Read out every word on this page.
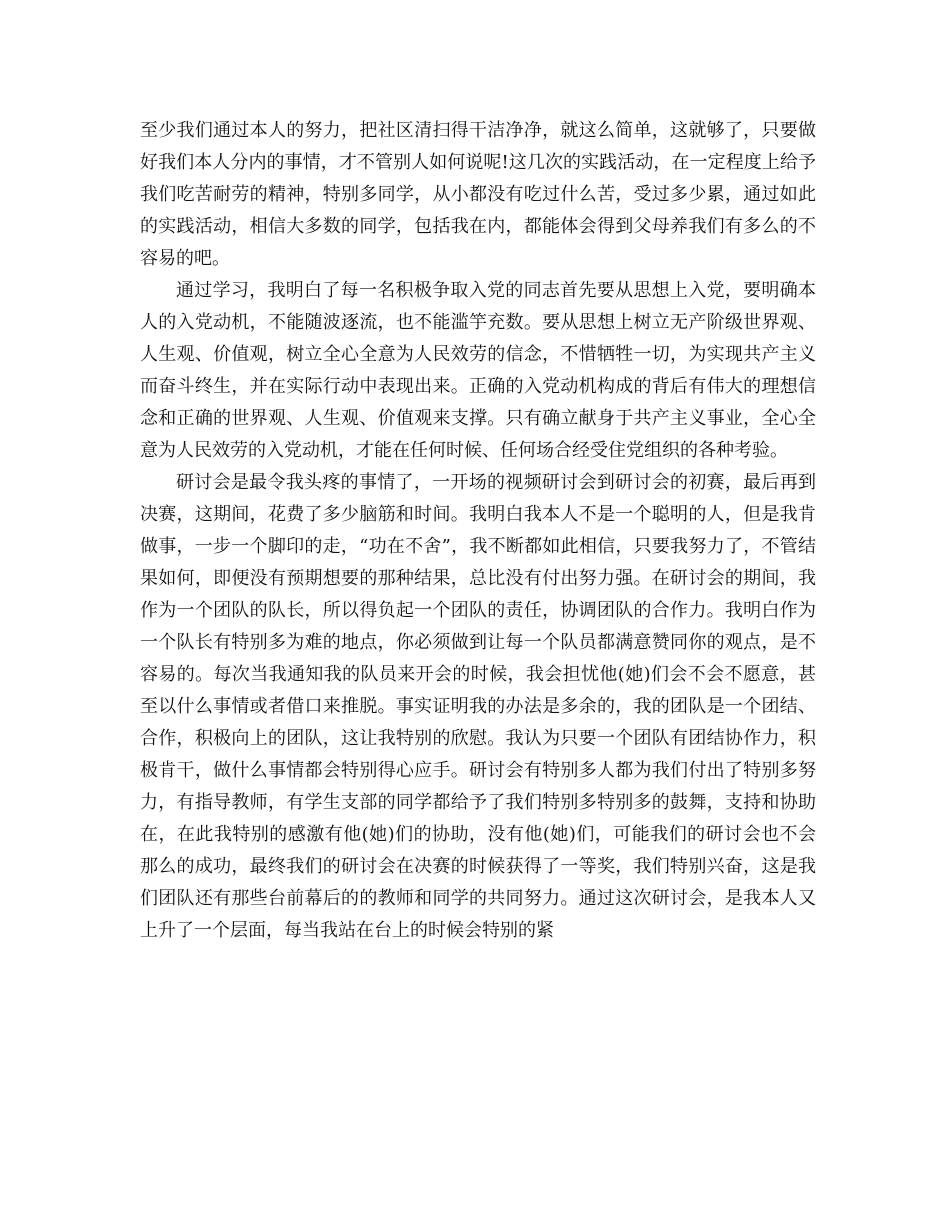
至少我们通过本人的努力，把社区清扫得干洁净净，就这么简单，这就够了，只要做好我们本人分内的事情，才不管别人如何说呢!这几次的实践活动，在一定程度上给予我们吃苦耐劳的精神，特别多同学，从小都没有吃过什么苦，受过多少累，通过如此的实践活动，相信大多数的同学，包括我在内，都能体会得到父母养我们有多么的不容易的吧。

通过学习，我明白了每一名积极争取入党的同志首先要从思想上入党，要明确本人的入党动机，不能随波逐流，也不能滥竽充数。要从思想上树立无产阶级世界观、人生观、价值观，树立全心全意为人民效劳的信念，不惜牺牲一切，为实现共产主义而奋斗终生，并在实际行动中表现出来。正确的入党动机构成的背后有伟大的理想信念和正确的世界观、人生观、价值观来支撑。只有确立献身于共产主义事业，全心全意为人民效劳的入党动机，才能在任何时候、任何场合经受住党组织的各种考验。

研讨会是最令我头疼的事情了，一开场的视频研讨会到研讨会的初赛，最后再到决赛，这期间，花费了多少脑筋和时间。我明白我本人不是一个聪明的人，但是我肯做事，一步一个脚印的走，“功在不舍”，我不断都如此相信，只要我努力了，不管结果如何，即便没有预期想要的那种结果，总比没有付出努力强。在研讨会的期间，我作为一个团队的队长，所以得负起一个团队的责任，协调团队的合作力。我明白作为一个队长有特别多为难的地点，你必须做到让每一个队员都满意赞同你的观点，是不容易的。每次当我通知我的队员来开会的时候，我会担忧他(她)们会不会不愿意，甚至以什么事情或者借口来推脱。事实证明我的办法是多余的，我的团队是一个团结、合作，积极向上的团队，这让我特别的欣慰。我认为只要一个团队有团结协作力，积极肯干，做什么事情都会特别得心应手。研讨会有特别多人都为我们付出了特别多努力，有指导教师，有学生支部的同学都给予了我们特别多特别多的鼓舞，支持和协助在，在此我特别的感激有他(她)们的协助，没有他(她)们，可能我们的研讨会也不会那么的成功，最终我们的研讨会在决赛的时候获得了一等奖，我们特别兴奋，这是我们团队还有那些台前幕后的的教师和同学的共同努力。通过这次研讨会，是我本人又上升了一个层面，每当我站在台上的时候会特别的紧
